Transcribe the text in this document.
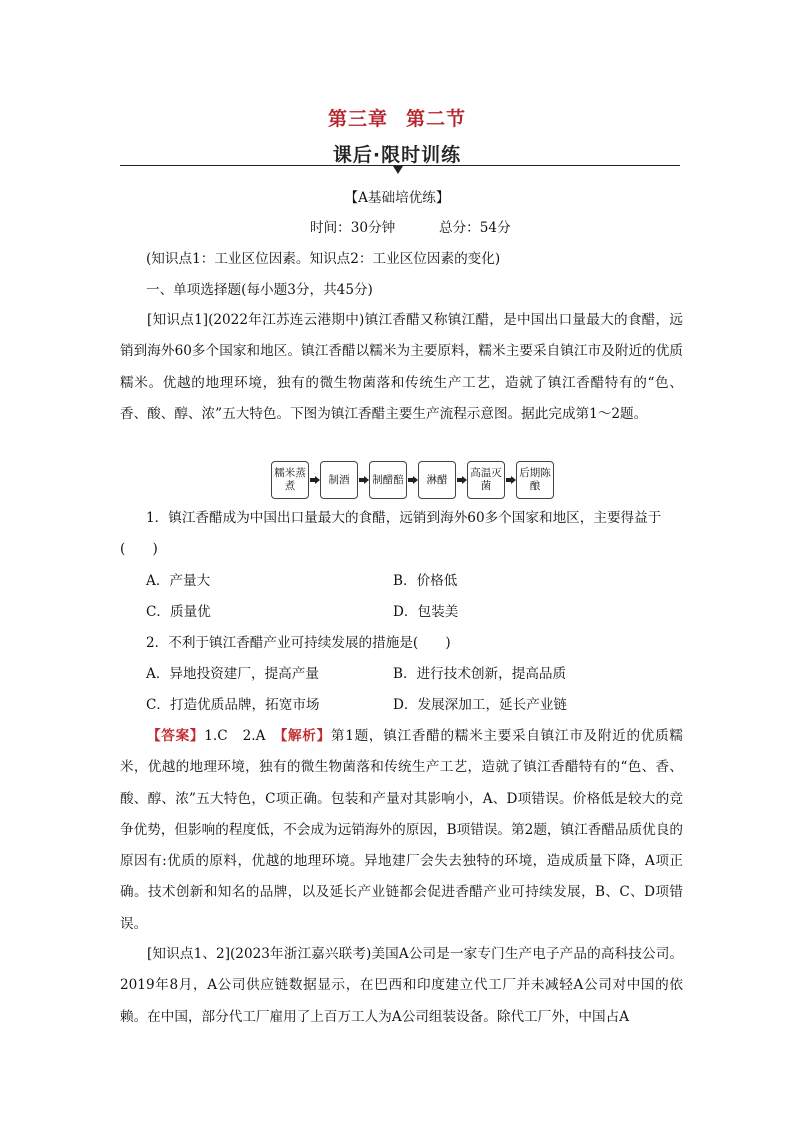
第三章 第二节
课后·限时训练
【A基础培优练】
时间：30分钟	总分：54分
(知识点1：工业区位因素。知识点2：工业区位因素的变化)
一、单项选择题(每小题3分，共45分)
[知识点1](2022年江苏连云港期中)镇江香醋又称镇江醋，是中国出口量最大的食醋，远销到海外60多个国家和地区。镇江香醋以糯米为主要原料，糯米主要采自镇江市及附近的优质糯米。优越的地理环境，独有的微生物菌落和传统生产工艺，造就了镇江香醋特有的“色、香、酸、醇、浓”五大特色。下图为镇江香醋主要生产流程示意图。据此完成第1～2题。
糯米蒸煮
制酒	制醋醅	淋醋
高温灭菌
后期陈酿
1．镇江香醋成为中国出口量最大的食醋，远销到海外60多个国家和地区，主要得益于
(　　)
A．产量大	B．价格低
C．质量优	D．包装美
2．不利于镇江香醋产业可持续发展的措施是(　　)
A．异地投资建厂，提高产量	B．进行技术创新，提高品质
C．打造优质品牌，拓宽市场	D．发展深加工，延长产业链
【答案】1.C　2.A　【解析】第1题，镇江香醋的糯米主要采自镇江市及附近的优质糯米，优越的地理环境，独有的微生物菌落和传统生产工艺，造就了镇江香醋特有的“色、香、酸、醇、浓”五大特色，C项正确。包装和产量对其影响小，A、D项错误。价格低是较大的竞争优势，但影响的程度低，不会成为远销海外的原因，B项错误。第2题，镇江香醋品质优良的原因有:优质的原料，优越的地理环境。异地建厂会失去独特的环境，造成质量下降，A项正确。技术创新和知名的品牌，以及延长产业链都会促进香醋产业可持续发展，B、C、D项错误。
[知识点1、2](2023年浙江嘉兴联考)美国A公司是一家专门生产电子产品的高科技公司。2019年8月，A公司供应链数据显示，在巴西和印度建立代工厂并未减轻A公司对中国的依赖。在中国，部分代工厂雇用了上百万工人为A公司组装设备。除代工厂外，中国占A
